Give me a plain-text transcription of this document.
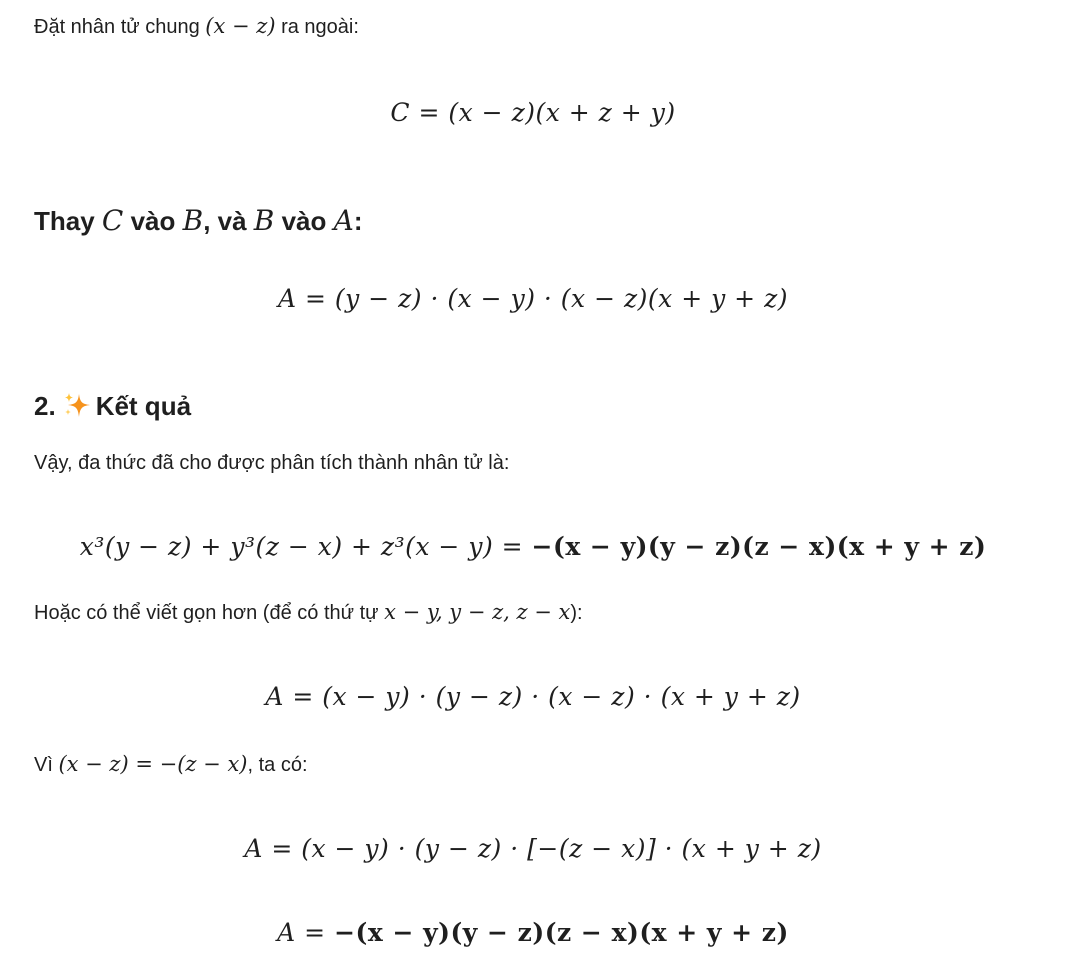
Đặt nhân tử chung (x − z) ra ngoài:
C = (x − z)(x + z + y)
Thay C vào B, và B vào A:
A = (y − z) · (x − y) · (x − z)(x + y + z)
2. Kết quả
Vậy, đa thức đã cho được phân tích thành nhân tử là:
x³(y − z) + y³(z − x) + z³(x − y) = −(x − y)(y − z)(z − x)(x + y + z)
Hoặc có thể viết gọn hơn (để có thứ tự x − y, y − z, z − x):
A = (x − y) · (y − z) · (x − z) · (x + y + z)
Vì (x − z) = −(z − x), ta có:
A = (x − y) · (y − z) · [−(z − x)] · (x + y + z)
A = −(x − y)(y − z)(z − x)(x + y + z)
